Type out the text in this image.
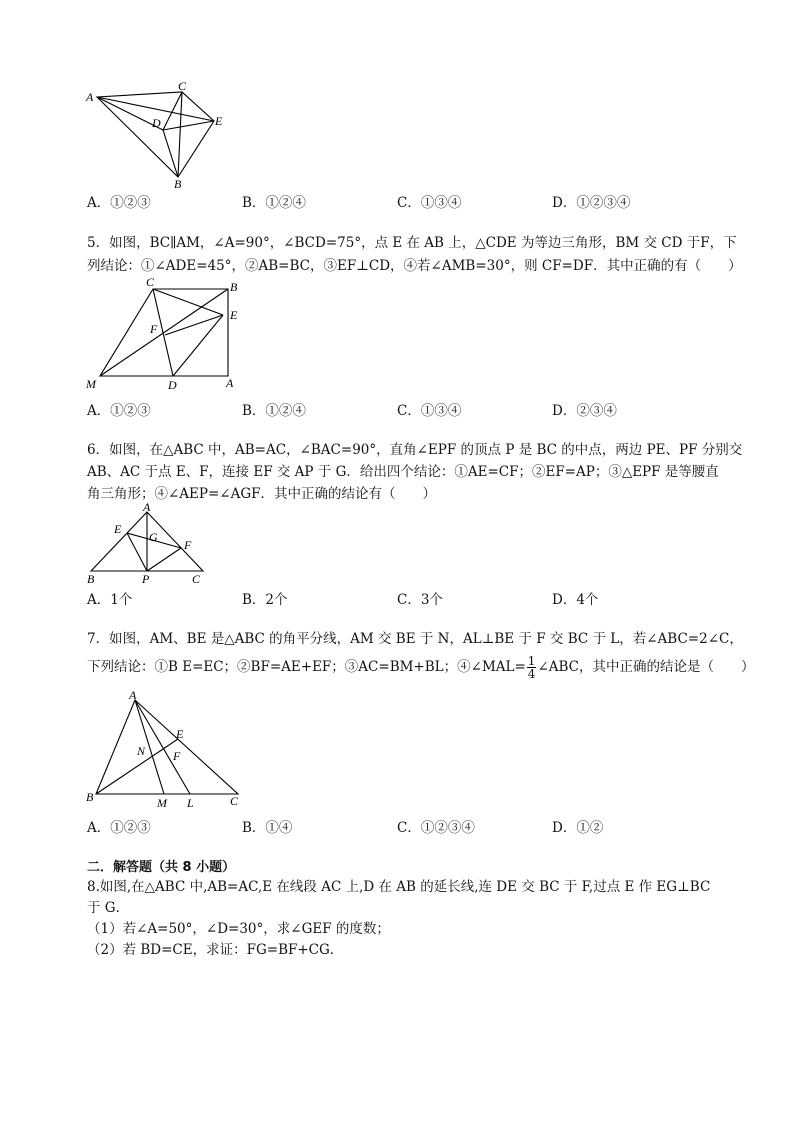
A
C
D	E
B
A．①②③	B．①②④	C．①③④	D．①②③④
5．如图，BC∥AM，∠A=90°，∠BCD=75°，点 E 在 AB 上，△CDE 为等边三角形，BM 交 CD 于F，下
列结论：①∠ADE=45°，②AB=BC，③EF⊥CD，④若∠AMB=30°，则 CF=DF．其中正确的有（　　）
C	B
E
F
M	D	A
A．①②③	B．①②④	C．①③④	D．②③④
6．如图，在△ABC 中，AB=AC，∠BAC=90°，直角∠EPF 的顶点 P 是 BC 的中点，两边 PE、PF 分别交
AB、AC 于点 E、F，连接 EF 交 AP 于 G．给出四个结论：①AE=CF；②EF=AP；③△EPF 是等腰直
角三角形；④∠AEP=∠AGF．其中正确的结论有（　　）
A
E
G
F
B	P	C
A．1个	B．2个	C．3个	D．4个
7．如图，AM、BE 是△ABC 的角平分线，AM 交 BE 于 N，AL⊥BE 于 F 交 BC 于 L，若∠ABC=2∠C，
下列结论：①B E=EC；②BF=AE+EF；③AC=BM+BL；④∠MAL= $\frac{1}{4}$ ∠ABC，其中正确的结论是（　　）
A
E
N F
B	M L	C
A．①②③	B．①④	C．①②③④	D．①②
二．解答题（共 8 小题）
8.如图,在△ABC 中,AB=AC,E 在线段 AC 上,D 在 AB 的延长线,连 DE 交 BC 于 F,过点 E 作 EG⊥BC
于 G．
（1）若∠A=50°，∠D=30°，求∠GEF 的度数；
（2）若 BD=CE，求证：FG=BF+CG．
